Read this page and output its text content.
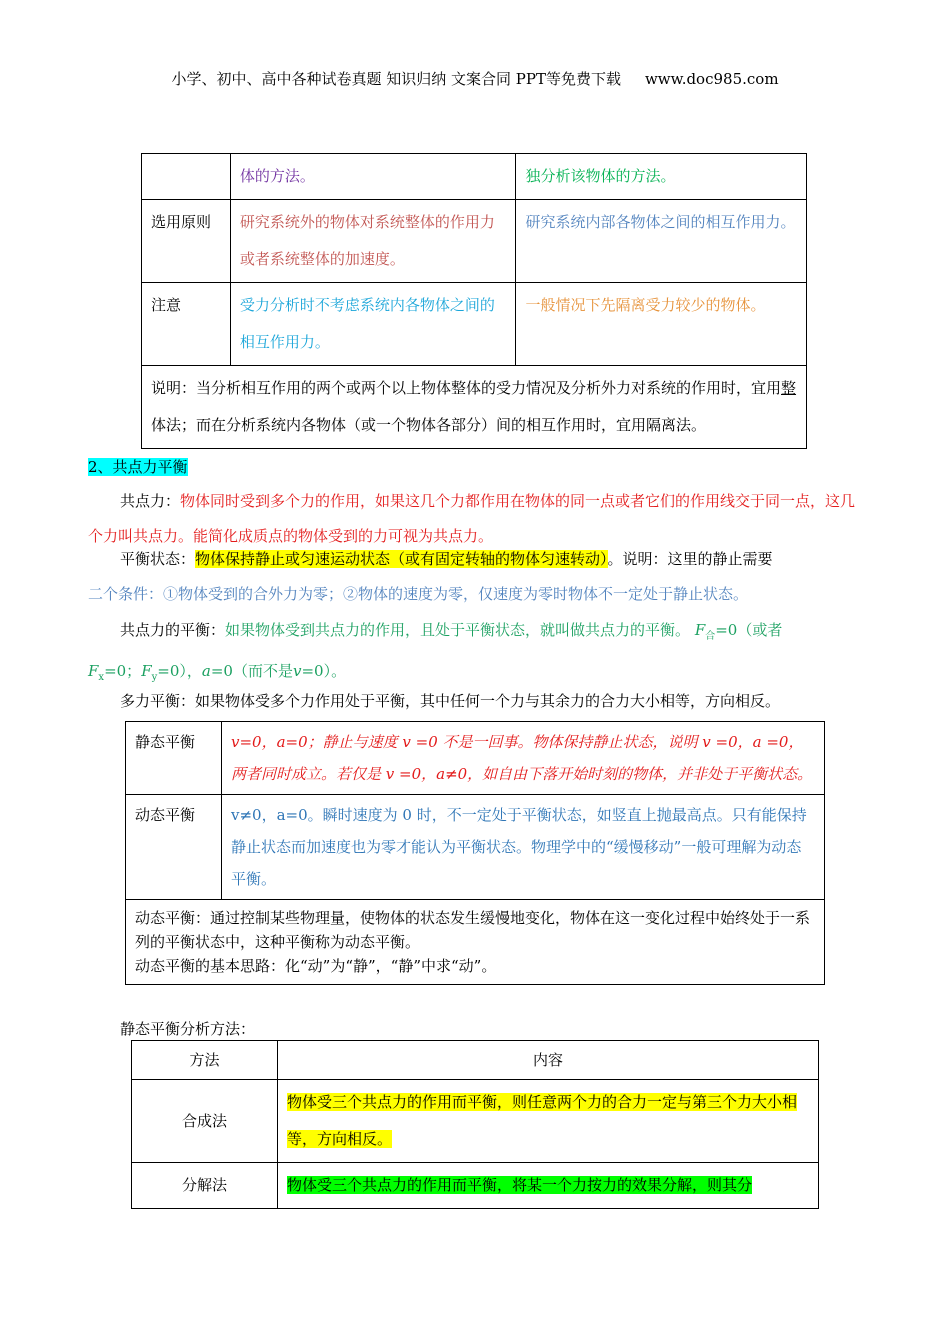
小学、初中、高中各种试卷真题 知识归纳 文案合同 PPT等免费下载 www.doc985.com
	体的方法。	独分析该物体的方法。
选用原则	研究系统外的物体对系统整体的作用力或者系统整体的加速度。	研究系统内部各物体之间的相互作用力。
注意	受力分析时不考虑系统内各物体之间的相互作用力。	一般情况下先隔离受力较少的物体。
说明：当分析相互作用的两个或两个以上物体整体的受力情况及分析外力对系统的作用时，宜用整体法；而在分析系统内各物体（或一个物体各部分）间的相互作用时，宜用隔离法。		
2、共点力平衡
共点力：物体同时受到多个力的作用，如果这几个力都作用在物体的同一点或者它们的作用线交于同一点，这几个力叫共点力。能简化成质点的物体受到的力可视为共点力。
平衡状态：物体保持静止或匀速运动状态（或有固定转轴的物体匀速转动）。说明：这里的静止需要
二个条件：①物体受到的合外力为零；②物体的速度为零，仅速度为零时物体不一定处于静止状态。
共点力的平衡：如果物体受到共点力的作用，且处于平衡状态，就叫做共点力的平衡。 $F_合=0$（或者
$F_x=0$；$F_y=0$），a=0（而不是v=0）。
多力平衡：如果物体受多个力作用处于平衡，其中任何一个力与其余力的合力大小相等，方向相反。
静态平衡	v=0，a=0；静止与速度 v =0 不是一回事。物体保持静止状态，说明 v =0，a =0，两者同时成立。若仅是 v =0，a≠0，如自由下落开始时刻的物体，并非处于平衡状态。
动态平衡	v≠0，a=0。瞬时速度为 0 时，不一定处于平衡状态，如竖直上抛最高点。只有能保持静止状态而加速度也为零才能认为平衡状态。物理学中的“缓慢移动”一般可理解为动态平衡。

动态平衡：通过控制某些物理量，使物体的状态发生缓慢地变化，物体在这一变化过程中始终处于一系列的平衡状态中，这种平衡称为动态平衡。
动态平衡的基本思路：化“动”为“静”，“静”中求“动”。	
静态平衡分析方法：
方法	内容
合成法	物体受三个共点力的作用而平衡，则任意两个力的合力一定与第三个力大小相等，方向相反。
分解法	物体受三个共点力的作用而平衡，将某一个力按力的效果分解，则其分
